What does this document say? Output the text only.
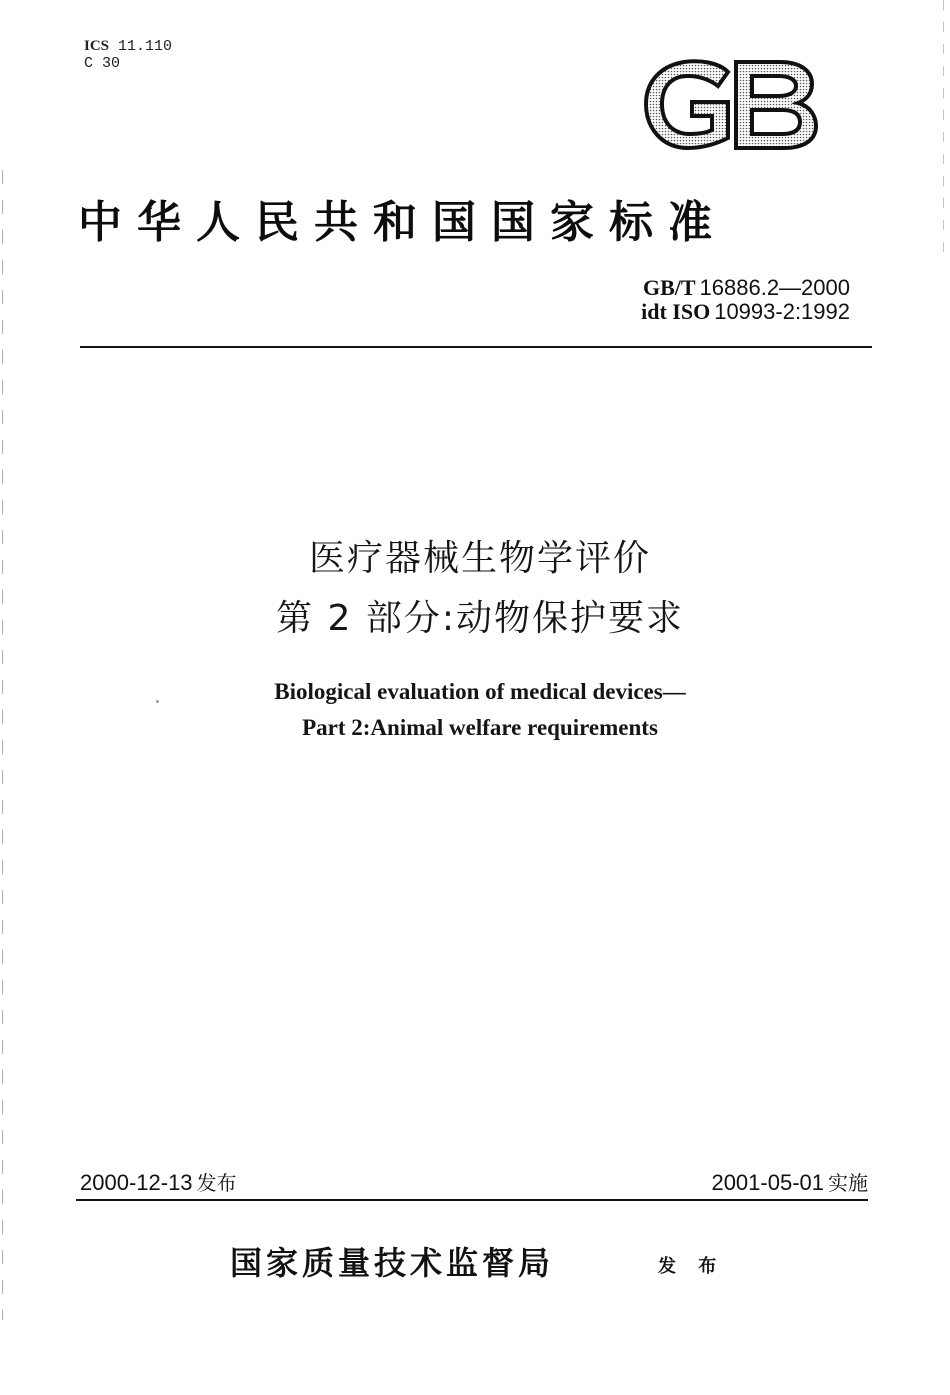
ICS 11.110
C 30
GB
中华人民共和国国家标准
GB/T 16886.2—2000
idt ISO 10993-2:1992
医疗器械生物学评价
第 2 部分:动物保护要求
Biological evaluation of medical devices—
Part 2:Animal welfare requirements
2000-12-13 发布	2001-05-01 实施
国家质量技术监督局	发 布
